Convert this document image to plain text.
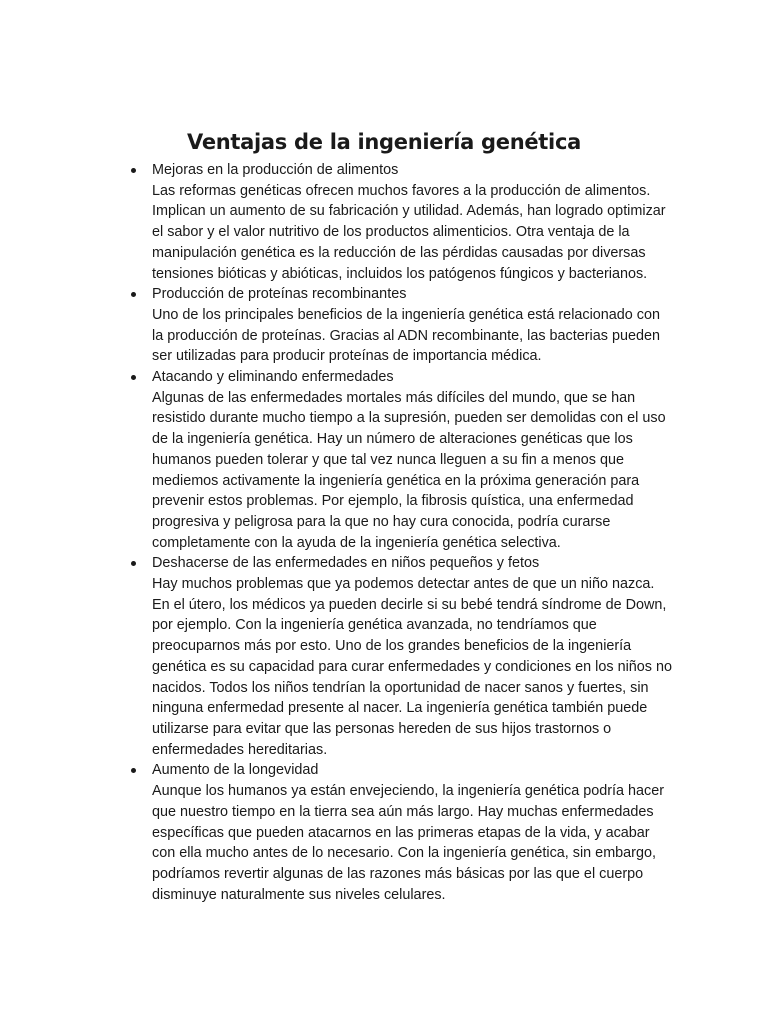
Ventajas de la ingeniería genética
Mejoras en la producción de alimentos
Las reformas genéticas ofrecen muchos favores a la producción de alimentos. Implican un aumento de su fabricación y utilidad. Además, han logrado optimizar el sabor y el valor nutritivo de los productos alimenticios. Otra ventaja de la manipulación genética es la reducción de las pérdidas causadas por diversas tensiones bióticas y abióticas, incluidos los patógenos fúngicos y bacterianos.
Producción de proteínas recombinantes
Uno de los principales beneficios de la ingeniería genética está relacionado con la producción de proteínas. Gracias al ADN recombinante, las bacterias pueden ser utilizadas para producir proteínas de importancia médica.
Atacando y eliminando enfermedades
Algunas de las enfermedades mortales más difíciles del mundo, que se han resistido durante mucho tiempo a la supresión, pueden ser demolidas con el uso de la ingeniería genética. Hay un número de alteraciones genéticas que los humanos pueden tolerar y que tal vez nunca lleguen a su fin a menos que mediemos activamente la ingeniería genética en la próxima generación para prevenir estos problemas. Por ejemplo, la fibrosis quística, una enfermedad progresiva y peligrosa para la que no hay cura conocida, podría curarse completamente con la ayuda de la ingeniería genética selectiva.
Deshacerse de las enfermedades en niños pequeños y fetos
Hay muchos problemas que ya podemos detectar antes de que un niño nazca. En el útero, los médicos ya pueden decirle si su bebé tendrá síndrome de Down, por ejemplo. Con la ingeniería genética avanzada, no tendríamos que preocuparnos más por esto. Uno de los grandes beneficios de la ingeniería genética es su capacidad para curar enfermedades y condiciones en los niños no nacidos. Todos los niños tendrían la oportunidad de nacer sanos y fuertes, sin ninguna enfermedad presente al nacer. La ingeniería genética también puede utilizarse para evitar que las personas hereden de sus hijos trastornos o enfermedades hereditarias.
Aumento de la longevidad
Aunque los humanos ya están envejeciendo, la ingeniería genética podría hacer que nuestro tiempo en la tierra sea aún más largo. Hay muchas enfermedades específicas que pueden atacarnos en las primeras etapas de la vida, y acabar con ella mucho antes de lo necesario. Con la ingeniería genética, sin embargo, podríamos revertir algunas de las razones más básicas por las que el cuerpo disminuye naturalmente sus niveles celulares.
